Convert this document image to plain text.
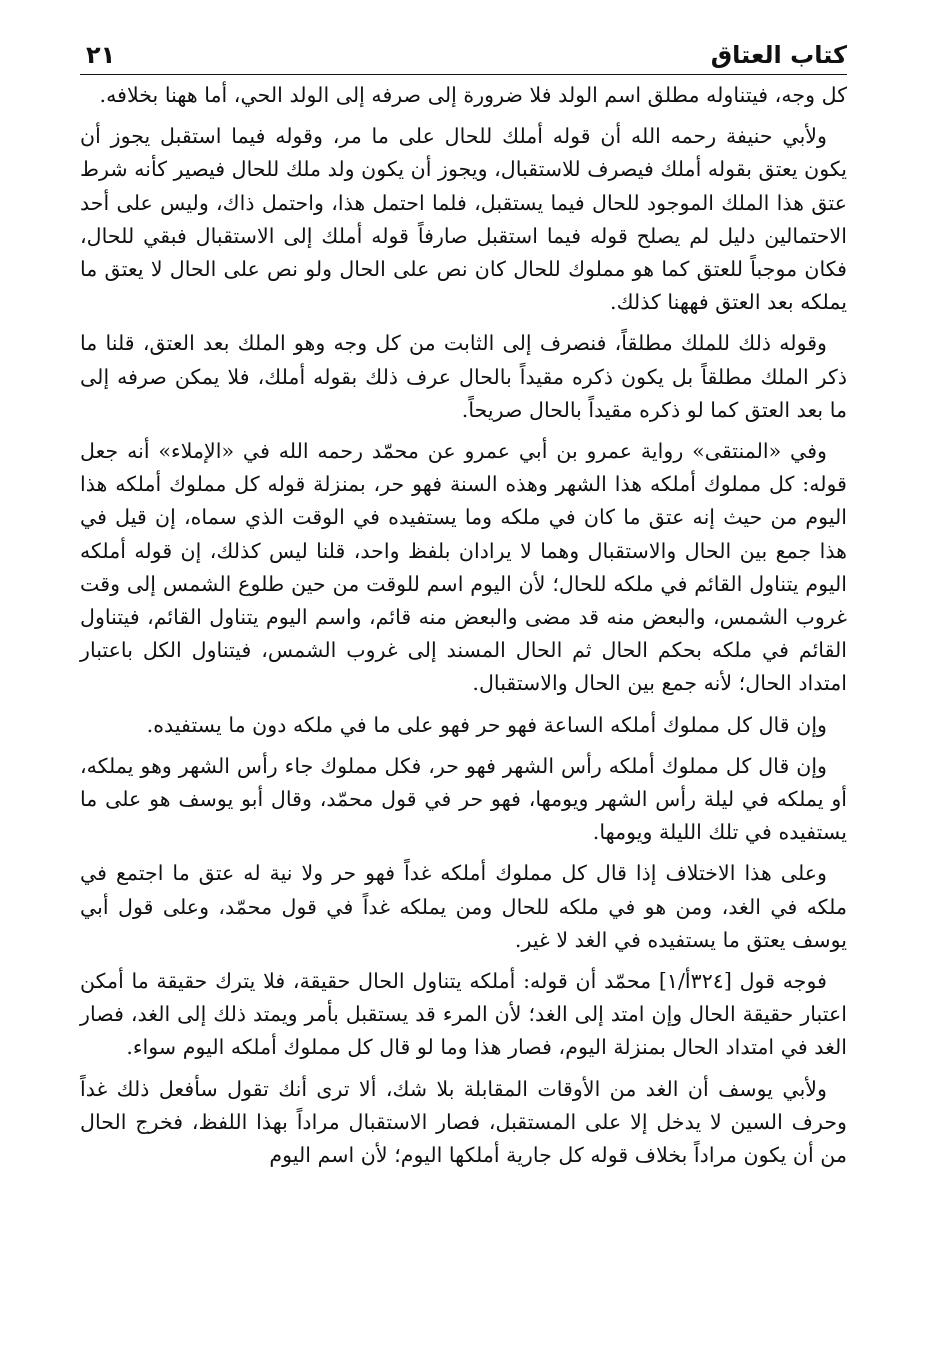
كتاب العتاق
٢١

كل وجه، فيتناوله مطلق اسم الولد فلا ضرورة إلى صرفه إلى الولد الحي، أما ههنا بخلافه.

ولأبي حنيفة رحمه الله أن قوله أملك للحال على ما مر، وقوله فيما استقبل يجوز أن يكون يعتق بقوله أملك فيصرف للاستقبال، ويجوز أن يكون ولد ملك للحال فيصير كأنه شرط عتق هذا الملك الموجود للحال فيما يستقبل، فلما احتمل هذا، واحتمل ذاك، وليس على أحد الاحتمالين دليل لم يصلح قوله فيما استقبل صارفاً قوله أملك إلى الاستقبال فبقي للحال، فكان موجباً للعتق كما هو مملوك للحال كان نص على الحال ولو نص على الحال لا يعتق ما يملكه بعد العتق فههنا كذلك.

وقوله ذلك للملك مطلقاً، فنصرف إلى الثابت من كل وجه وهو الملك بعد العتق، قلنا ما ذكر الملك مطلقاً بل يكون ذكره مقيداً بالحال عرف ذلك بقوله أملك، فلا يمكن صرفه إلى ما بعد العتق كما لو ذكره مقيداً بالحال صريحاً.

وفي «المنتقى» رواية عمرو بن أبي عمرو عن محمّد رحمه الله في «الإملاء» أنه جعل قوله: كل مملوك أملكه هذا الشهر وهذه السنة فهو حر، بمنزلة قوله كل مملوك أملكه هذا اليوم من حيث إنه عتق ما كان في ملكه وما يستفيده في الوقت الذي سماه، إن قيل في هذا جمع بين الحال والاستقبال وهما لا يرادان بلفظ واحد، قلنا ليس كذلك، إن قوله أملكه اليوم يتناول القائم في ملكه للحال؛ لأن اليوم اسم للوقت من حين طلوع الشمس إلى وقت غروب الشمس، والبعض منه قد مضى والبعض منه قائم، واسم اليوم يتناول القائم، فيتناول القائم في ملكه بحكم الحال ثم الحال المسند إلى غروب الشمس، فيتناول الكل باعتبار امتداد الحال؛ لأنه جمع بين الحال والاستقبال.

وإن قال كل مملوك أملكه الساعة فهو حر فهو على ما في ملكه دون ما يستفيده.

وإن قال كل مملوك أملكه رأس الشهر فهو حر، فكل مملوك جاء رأس الشهر وهو يملكه، أو يملكه في ليلة رأس الشهر ويومها، فهو حر في قول محمّد، وقال أبو يوسف هو على ما يستفيده في تلك الليلة ويومها.

وعلى هذا الاختلاف إذا قال كل مملوك أملكه غداً فهو حر ولا نية له عتق ما اجتمع في ملكه في الغد، ومن هو في ملكه للحال ومن يملكه غداً في قول محمّد، وعلى قول أبي يوسف يعتق ما يستفيده في الغد لا غير.

فوجه قول [٣٢٤أ/١] محمّد أن قوله: أملكه يتناول الحال حقيقة، فلا يترك حقيقة ما أمكن اعتبار حقيقة الحال وإن امتد إلى الغد؛ لأن المرء قد يستقبل بأمر ويمتد ذلك إلى الغد، فصار الغد في امتداد الحال بمنزلة اليوم، فصار هذا وما لو قال كل مملوك أملكه اليوم سواء.

ولأبي يوسف أن الغد من الأوقات المقابلة بلا شك، ألا ترى أنك تقول سأفعل ذلك غداً وحرف السين لا يدخل إلا على المستقبل، فصار الاستقبال مراداً بهذا اللفظ، فخرج الحال من أن يكون مراداً بخلاف قوله كل جارية أملكها اليوم؛ لأن اسم اليوم
